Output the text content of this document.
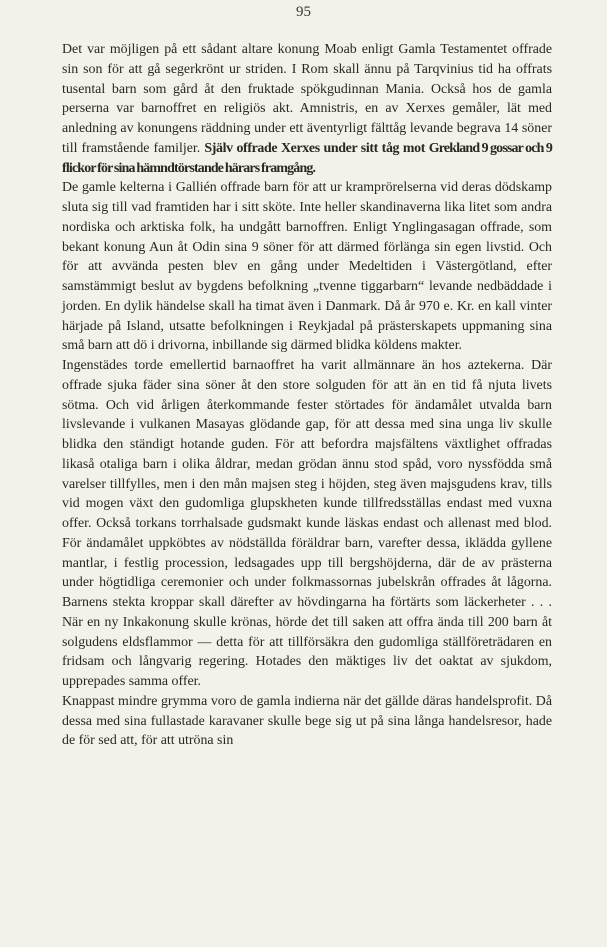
95

Det var möjligen på ett sådant altare konung Moab enligt Gamla Testamentet offrade sin son för att gå segerkrönt ur striden. I Rom skall ännu på Tarqvinius tid ha offrats tusental barn som gård åt den fruktade spökgudinnan Mania. Också hos de gamla perserna var barnoffret en religiös akt. Amnistris, en av Xerxes gemåler, lät med anledning av konungens räddning under ett äventyrligt fälttåg levande begrava 14 söner till framstående familjer. Själv offrade Xerxes under sitt tåg mot Grekland 9 gossar och 9 flickor för sina hämndtörstande härars framgång.

De gamle kelterna i Gallién offrade barn för att ur kramprörelserna vid deras dödskamp sluta sig till vad framtiden har i sitt sköte. Inte heller skandinaverna lika litet som andra nordiska och arktiska folk, ha undgått barnoffren. Enligt Ynglingasagan offrade, som bekant konung Aun åt Odin sina 9 söner för att därmed förlänga sin egen livstid. Och för att avvända pesten blev en gång under Medeltiden i Västergötland, efter samstämmigt beslut av bygdens befolkning „tvenne tiggarbarn“ levande nedbäddade i jorden. En dylik händelse skall ha timat även i Danmark. Då år 970 e. Kr. en kall vinter härjade på Island, utsatte befolkningen i Reykjadal på prästerskapets uppmaning sina små barn att dö i drivorna, inbillande sig därmed blidka köldens makter.

Ingenstädes torde emellertid barnaoffret ha varit allmännare än hos aztekerna. Där offrade sjuka fäder sina söner åt den store solguden för att än en tid få njuta livets sötma. Och vid årligen återkommande fester störtades för ändamålet utvalda barn livslevande i vulkanen Masayas glödande gap, för att dessa med sina unga liv skulle blidka den ständigt hotande guden. För att befordra majsfältens växtlighet offradas likaså otaliga barn i olika åldrar, medan grödan ännu stod spåd, voro nyssfödda små varelser tillfylles, men i den mån majsen steg i höjden, steg även majsgudens krav, tills vid mogen växt den gudomliga glupskheten kunde tillfredsställas endast med vuxna offer. Också torkans torrhalsade gudsmakt kunde läskas endast och allenast med blod. För ändamålet uppköbtes av nödställda föräldrar barn, varefter dessa, iklädda gyllene mantlar, i festlig procession, ledsagades upp till bergshöjderna, där de av prästerna under högtidliga ceremonier och under folkmassornas jubelskrån offrades åt lågorna. Barnens stekta kroppar skall därefter av hövdingarna ha förtärts som läckerheter . . . När en ny Inkakonung skulle krönas, hörde det till saken att offra ända till 200 barn åt solgudens eldsflammor — detta för att tillförsäkra den gudomliga ställföreträdaren en fridsam och långvarig regering. Hotades den mäktiges liv det oaktat av sjukdom, upprepades samma offer.

Knappast mindre grymma voro de gamla indierna när det gällde däras handelsprofit. Då dessa med sina fullastade karavaner skulle bege sig ut på sina långa handelsresor, hade de för sed att, för att utröna sin
